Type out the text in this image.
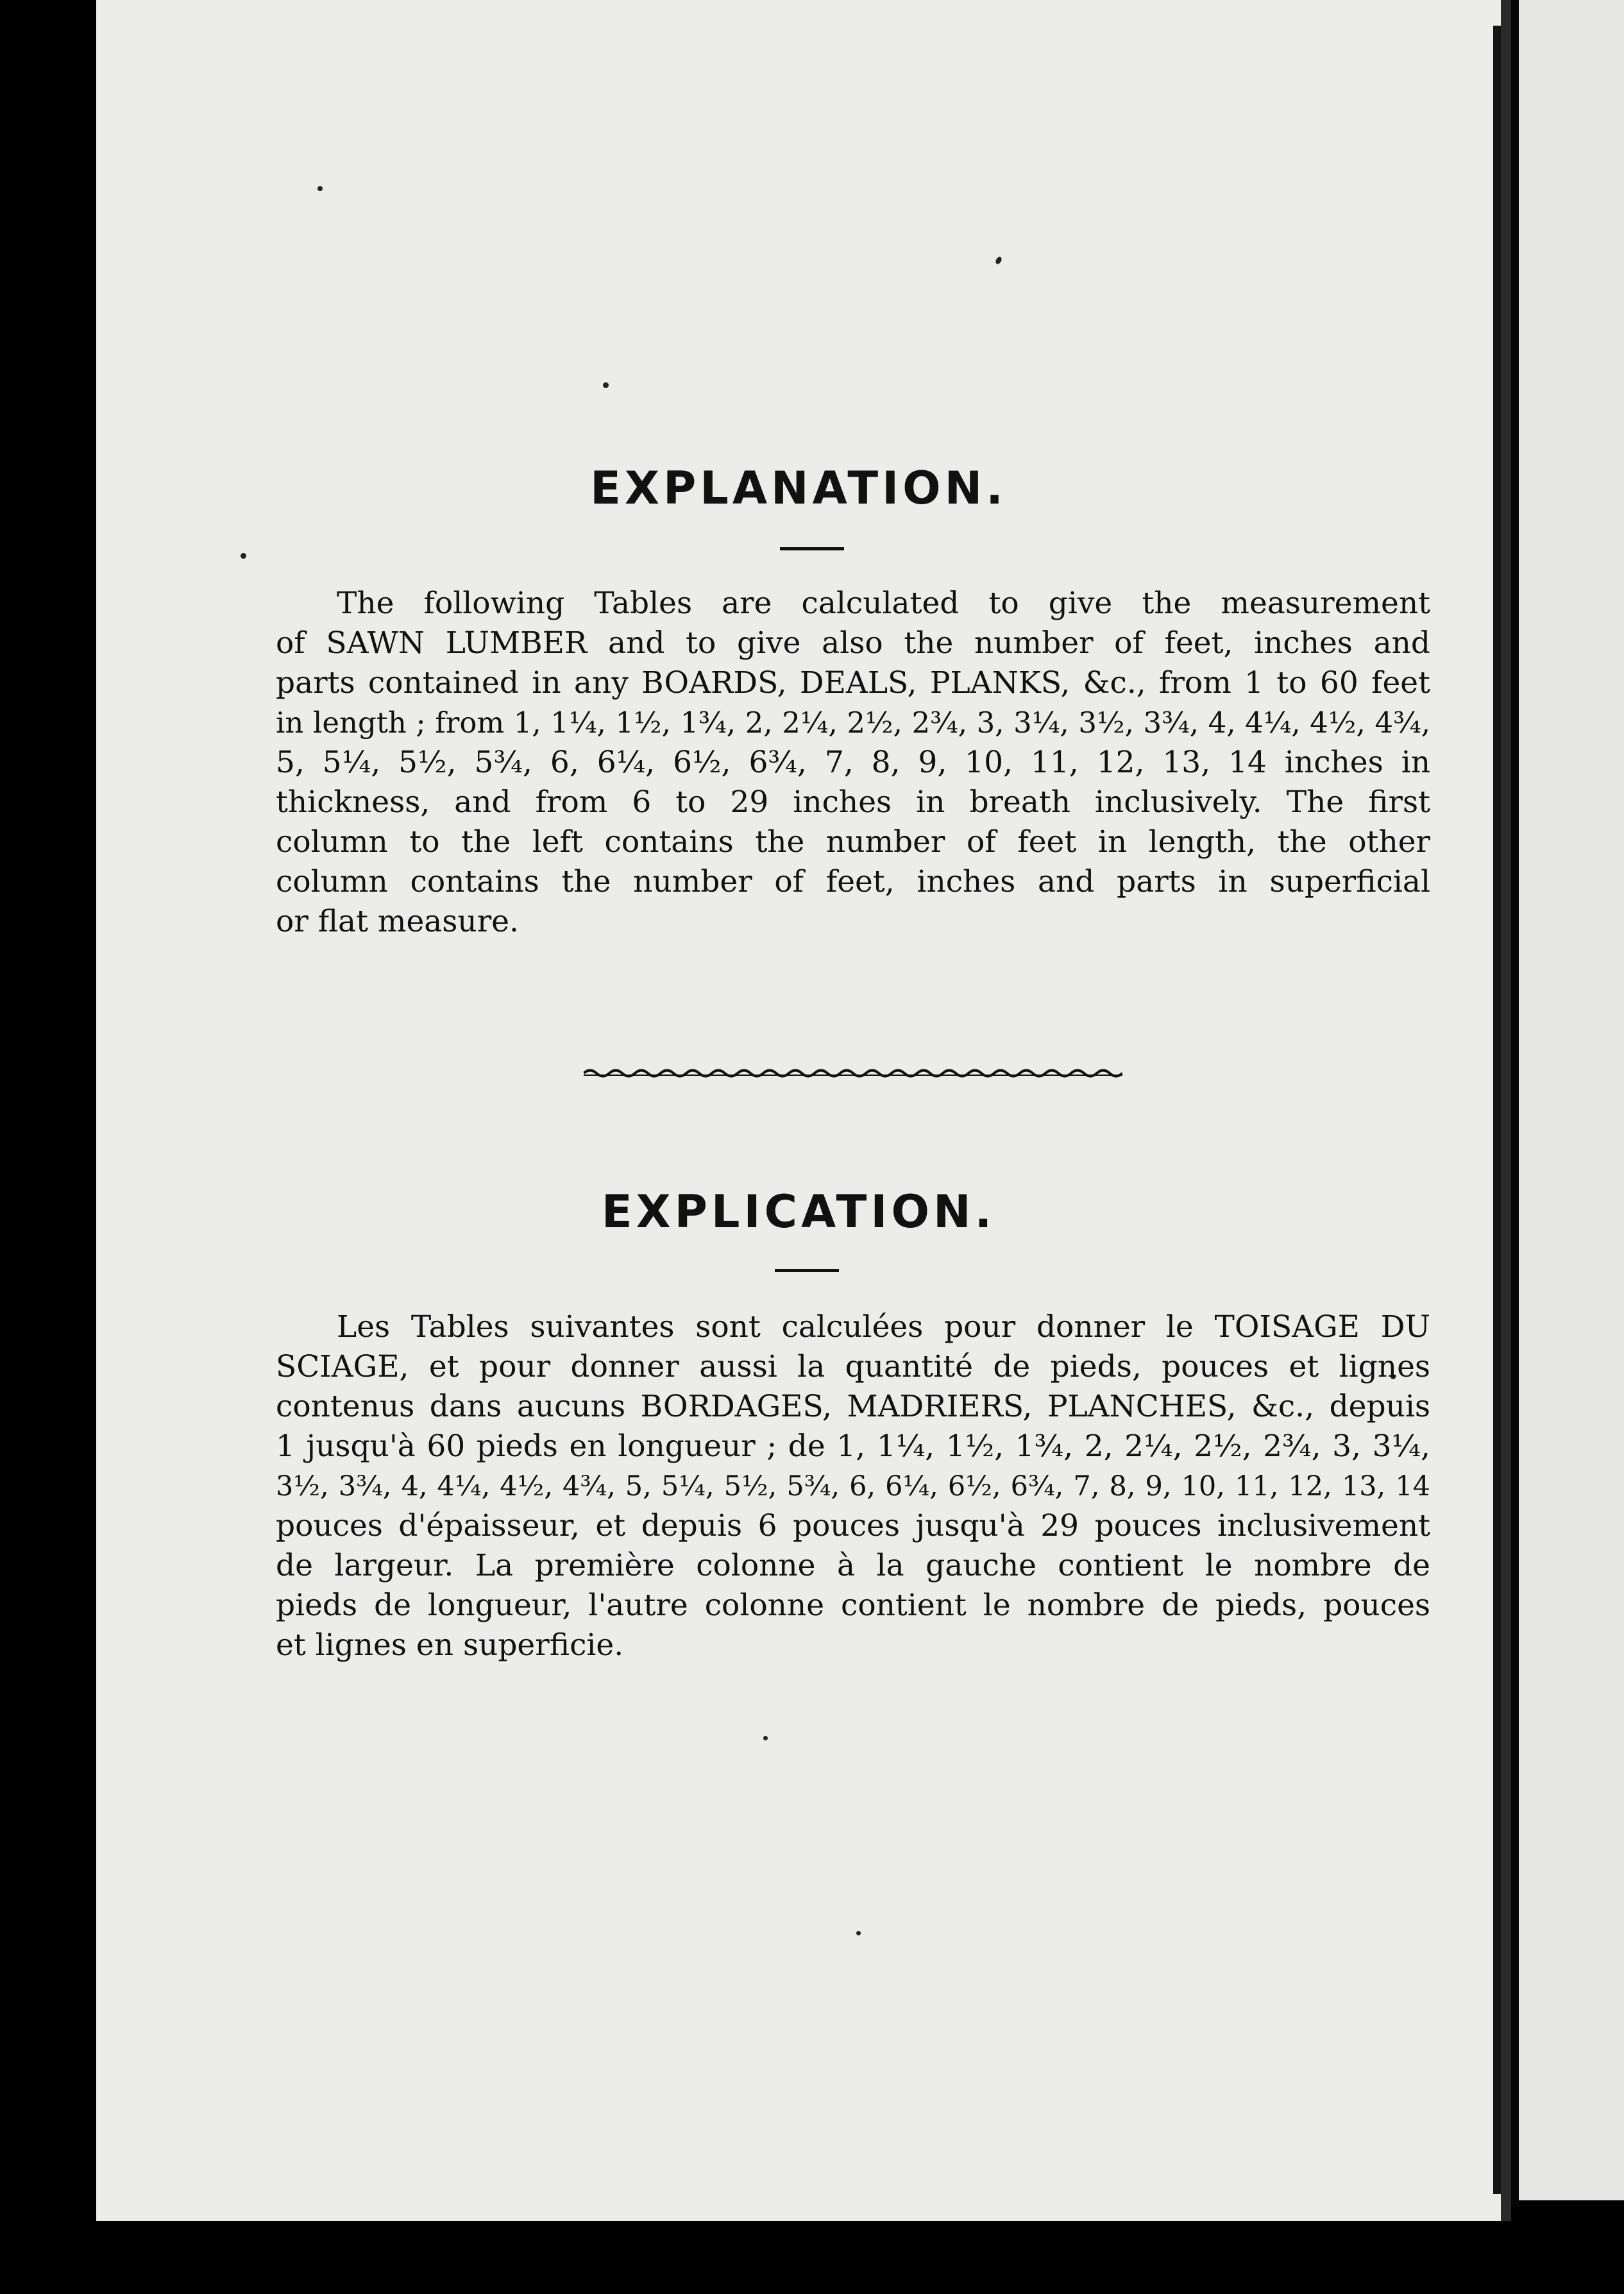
EXPLANATION.
The following Tables are calculated to give the measurement
of SAWN LUMBER and to give also the number of feet, inches and
parts contained in any BOARDS, DEALS, PLANKS, &c., from 1 to 60 feet
in length ; from 1, 1¼, 1½, 1¾, 2, 2¼, 2½, 2¾, 3, 3¼, 3½, 3¾, 4, 4¼, 4½, 4¾,
5, 5¼, 5½, 5¾, 6, 6¼, 6½, 6¾, 7, 8, 9, 10, 11, 12, 13, 14 inches in
thickness, and from 6 to 29 inches in breath inclusively. The first
column to the left contains the number of feet in length, the other
column contains the number of feet, inches and parts in superficial
or flat measure.
EXPLICATION.
Les Tables suivantes sont calculées pour donner le TOISAGE DU
SCIAGE, et pour donner aussi la quantité de pieds, pouces et lignes
contenus dans aucuns BORDAGES, MADRIERS, PLANCHES, &c., depuis
1 jusqu'à 60 pieds en longueur ; de 1, 1¼, 1½, 1¾, 2, 2¼, 2½, 2¾, 3, 3¼,
3½, 3¾, 4, 4¼, 4½, 4¾, 5, 5¼, 5½, 5¾, 6, 6¼, 6½, 6¾, 7, 8, 9, 10, 11, 12, 13, 14
pouces d'épaisseur, et depuis 6 pouces jusqu'à 29 pouces inclusivement
de largeur. La première colonne à la gauche contient le nombre de
pieds de longueur, l'autre colonne contient le nombre de pieds, pouces
et lignes en superficie.
